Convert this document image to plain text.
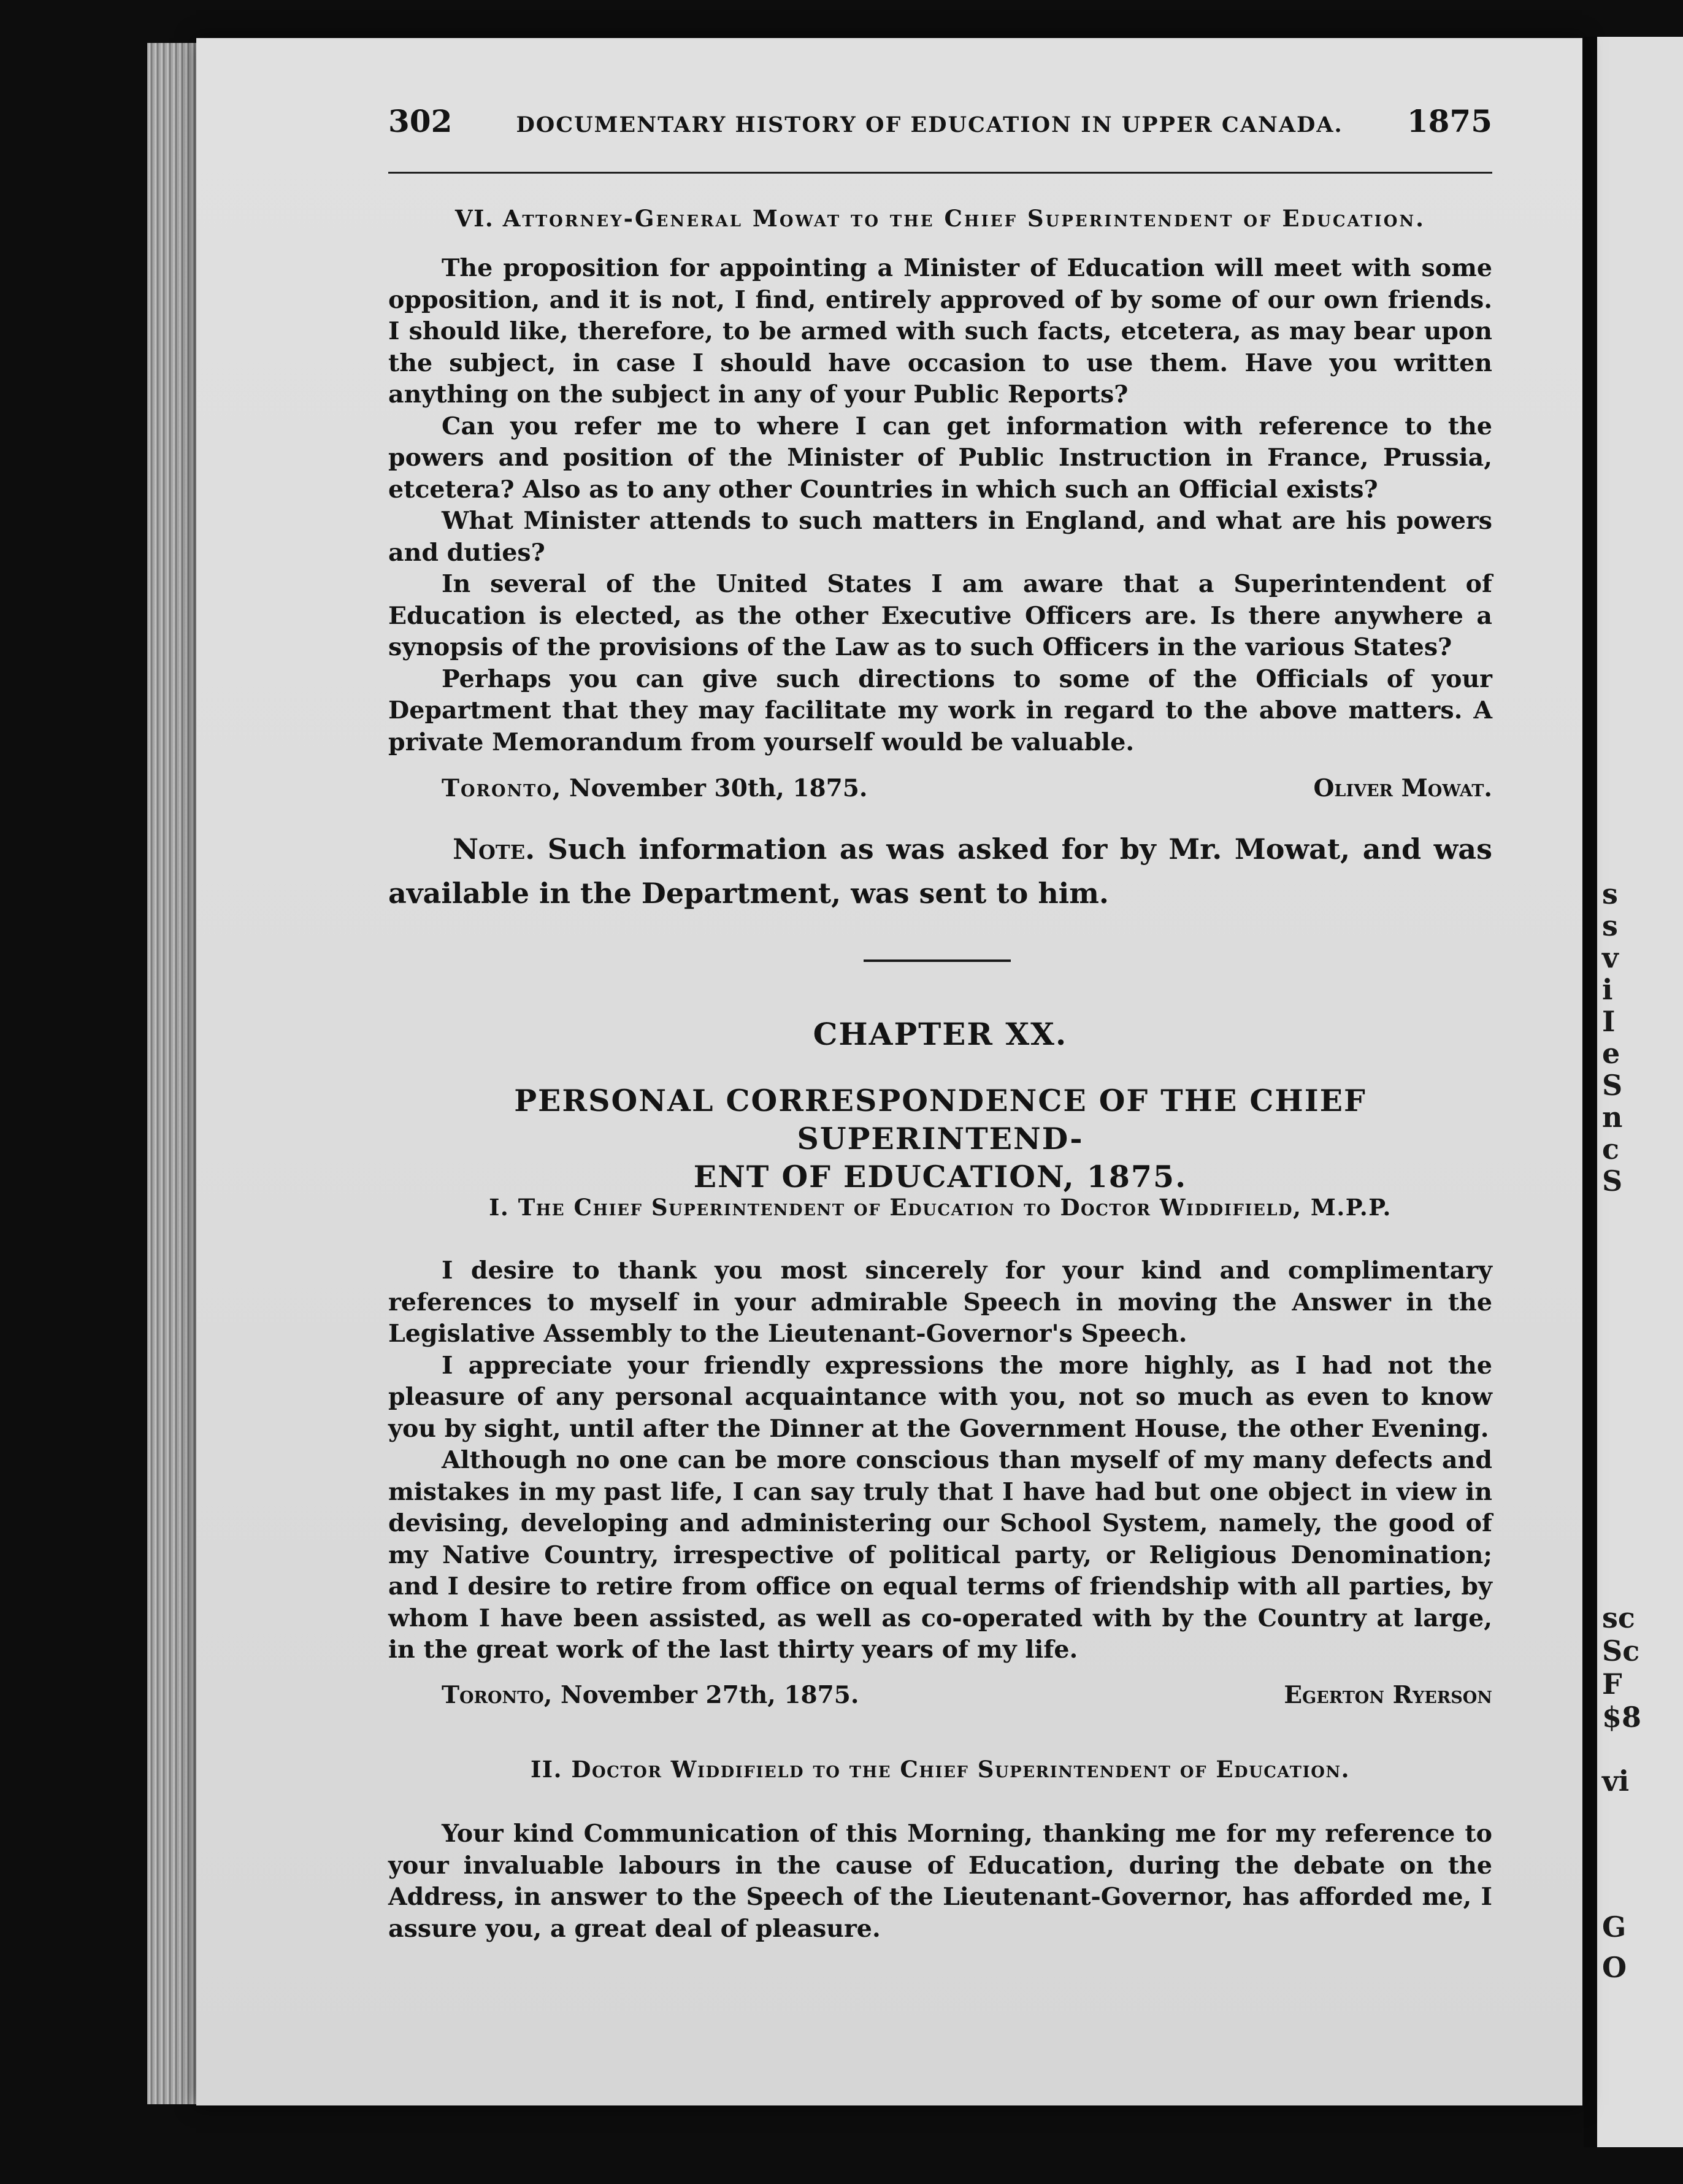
s
s
v
i
I
e
S
n
c
S
sc
Sc
F
$8
vi
G
O
302	DOCUMENTARY HISTORY OF EDUCATION IN UPPER CANADA. 1875
VI. Attorney-General Mowat to the Chief Superintendent of Education.

The proposition for appointing a Minister of Education will meet with some opposition, and it is not, I find, entirely approved of by some of our own friends. I should like, therefore, to be armed with such facts, etcetera, as may bear upon the subject, in case I should have occasion to use them. Have you written anything on the subject in any of your Public Reports?

Can you refer me to where I can get information with reference to the powers and position of the Minister of Public Instruction in France, Prussia, etcetera? Also as to any other Countries in which such an Official exists?

What Minister attends to such matters in England, and what are his powers and duties?

In several of the United States I am aware that a Superintendent of Education is elected, as the other Executive Officers are. Is there anywhere a synopsis of the provisions of the Law as to such Officers in the various States?

Perhaps you can give such directions to some of the Officials of your Department that they may facilitate my work in regard to the above matters. A private Memorandum from yourself would be valuable.

Toronto, November 30th, 1875.	Oliver Mowat.

Note. Such information as was asked for by Mr. Mowat, and was available in the Department, was sent to him.

CHAPTER XX.
PERSONAL CORRESPONDENCE OF THE CHIEF SUPERINTEND-
ENT OF EDUCATION, 1875.
I. The Chief Superintendent of Education to Doctor Widdifield, M.P.P.

I desire to thank you most sincerely for your kind and complimentary references to myself in your admirable Speech in moving the Answer in the Legislative Assembly to the Lieutenant-Governor's Speech.

I appreciate your friendly expressions the more highly, as I had not the pleasure of any personal acquaintance with you, not so much as even to know you by sight, until after the Dinner at the Government House, the other Evening.

Although no one can be more conscious than myself of my many defects and mistakes in my past life, I can say truly that I have had but one object in view in devising, developing and administering our School System, namely, the good of my Native Country, irrespective of political party, or Religious Denomination; and I desire to retire from office on equal terms of friendship with all parties, by whom I have been assisted, as well as co-operated with by the Country at large, in the great work of the last thirty years of my life.

Toronto, November 27th, 1875.	Egerton Ryerson
II. Doctor Widdifield to the Chief Superintendent of Education.

Your kind Communication of this Morning, thanking me for my reference to your invaluable labours in the cause of Education, during the debate on the Address, in answer to the Speech of the Lieutenant-Governor, has afforded me, I assure you, a great deal of pleasure.
